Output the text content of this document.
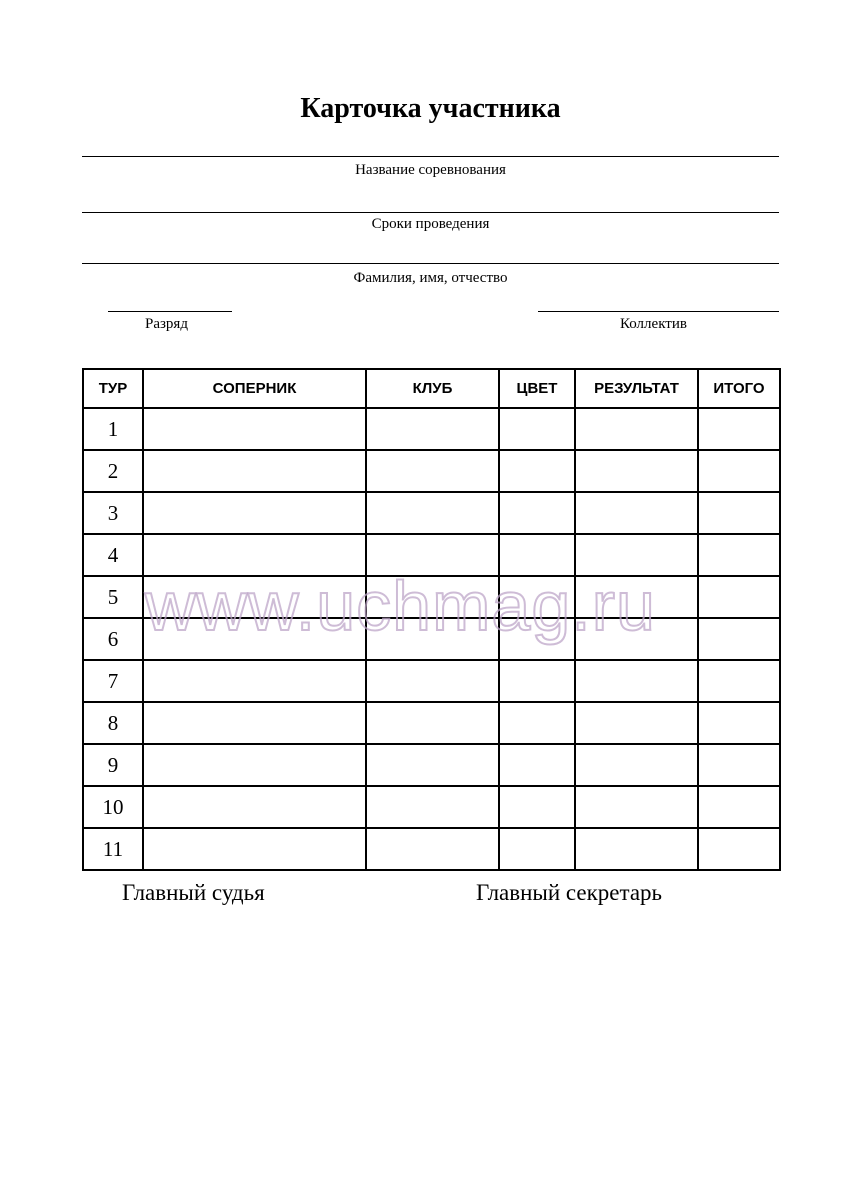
Карточка участника
Название соревнования
Сроки проведения
Фамилия, имя, отчество
Разряд	Коллектив
ТУР	СОПЕРНИК	КЛУБ	ЦВЕТ	РЕЗУЛЬТАТ	ИТОГО
1					
2					
3					
4					
5					
6					
7					
8					
9					
10					
11					
www.uchmag.ru
Главный судья	Главный секретарь
